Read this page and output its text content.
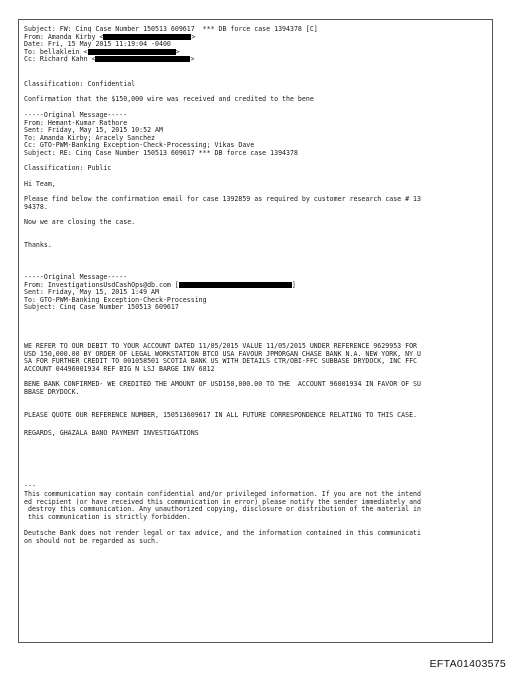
Subject: FW: Cinq Case Number 150513 609617  *** DB force case 1394378 [C]

From: Amanda Kirby <	>

Date: Fri, 15 May 2015 11:19:04 -0400

To: bellaklein <	>

Cc: Richard Kahn <	>

Classification: Confidential

Confirmation that the $150,000 wire was received and credited to the bene

-----Original Message-----

From: Hemant-Kumar Rathore

Sent: Friday, May 15, 2015 10:52 AM

To: Amanda Kirby; Aracely Sanchez

Cc: GTO-PWM-Banking Exception-Check-Processing; Vikas Dave

Subject: RE: Cinq Case Number 150513 609617 *** DB force case 1394378

Classification: Public

Hi Team,

Please find below the confirmation email for case 1392859 as required by customer research case # 13

94378.

Now we are closing the case.

Thanks.

-----Original Message-----

From: InvestigationsUsdCashOps@db.com [	]

Sent: Friday, May 15, 2015 1:49 AM

To: GTO-PWM-Banking Exception-Check-Processing

Subject: Cinq Case Number 150513 609617

WE REFER TO OUR DEBIT TO YOUR ACCOUNT DATED 11/05/2015 VALUE 11/05/2015 UNDER REFERENCE 9629953 FOR

USD 150,000.00 BY ORDER OF LEGAL WORKSTATION BTCO USA FAVOUR JPMORGAN CHASE BANK N.A. NEW YORK, NY U

SA FOR FURTHER CREDIT TO 001058501 SCOTIA BANK US WITH DETAILS CTR/OBI-FFC SUBBASE DRYDOCK, INC FFC

ACCOUNT 04496001934 REF BIG N LSJ BARGE INV 6812

BENE BANK CONFIRMED- WE CREDITED THE AMOUNT OF USD150,000.00 TO THE  ACCOUNT 96001934 IN FAVOR OF SU

BBASE DRYDOCK.

PLEASE QUOTE OUR REFERENCE NUMBER, 150513609617 IN ALL FUTURE CORRESPONDENCE RELATING TO THIS CASE.

REGARDS, GHAZALA BANO PAYMENT INVESTIGATIONS

---

This communication may contain confidential and/or privileged information. If you are not the intend

ed recipient (or have received this communication in error) please notify the sender immediately and

destroy this communication. Any unauthorized copying, disclosure or distribution of the material in

this communication is strictly forbidden.

Deutsche Bank does not render legal or tax advice, and the information contained in this communicati

on should not be regarded as such.

EFTA01403575
